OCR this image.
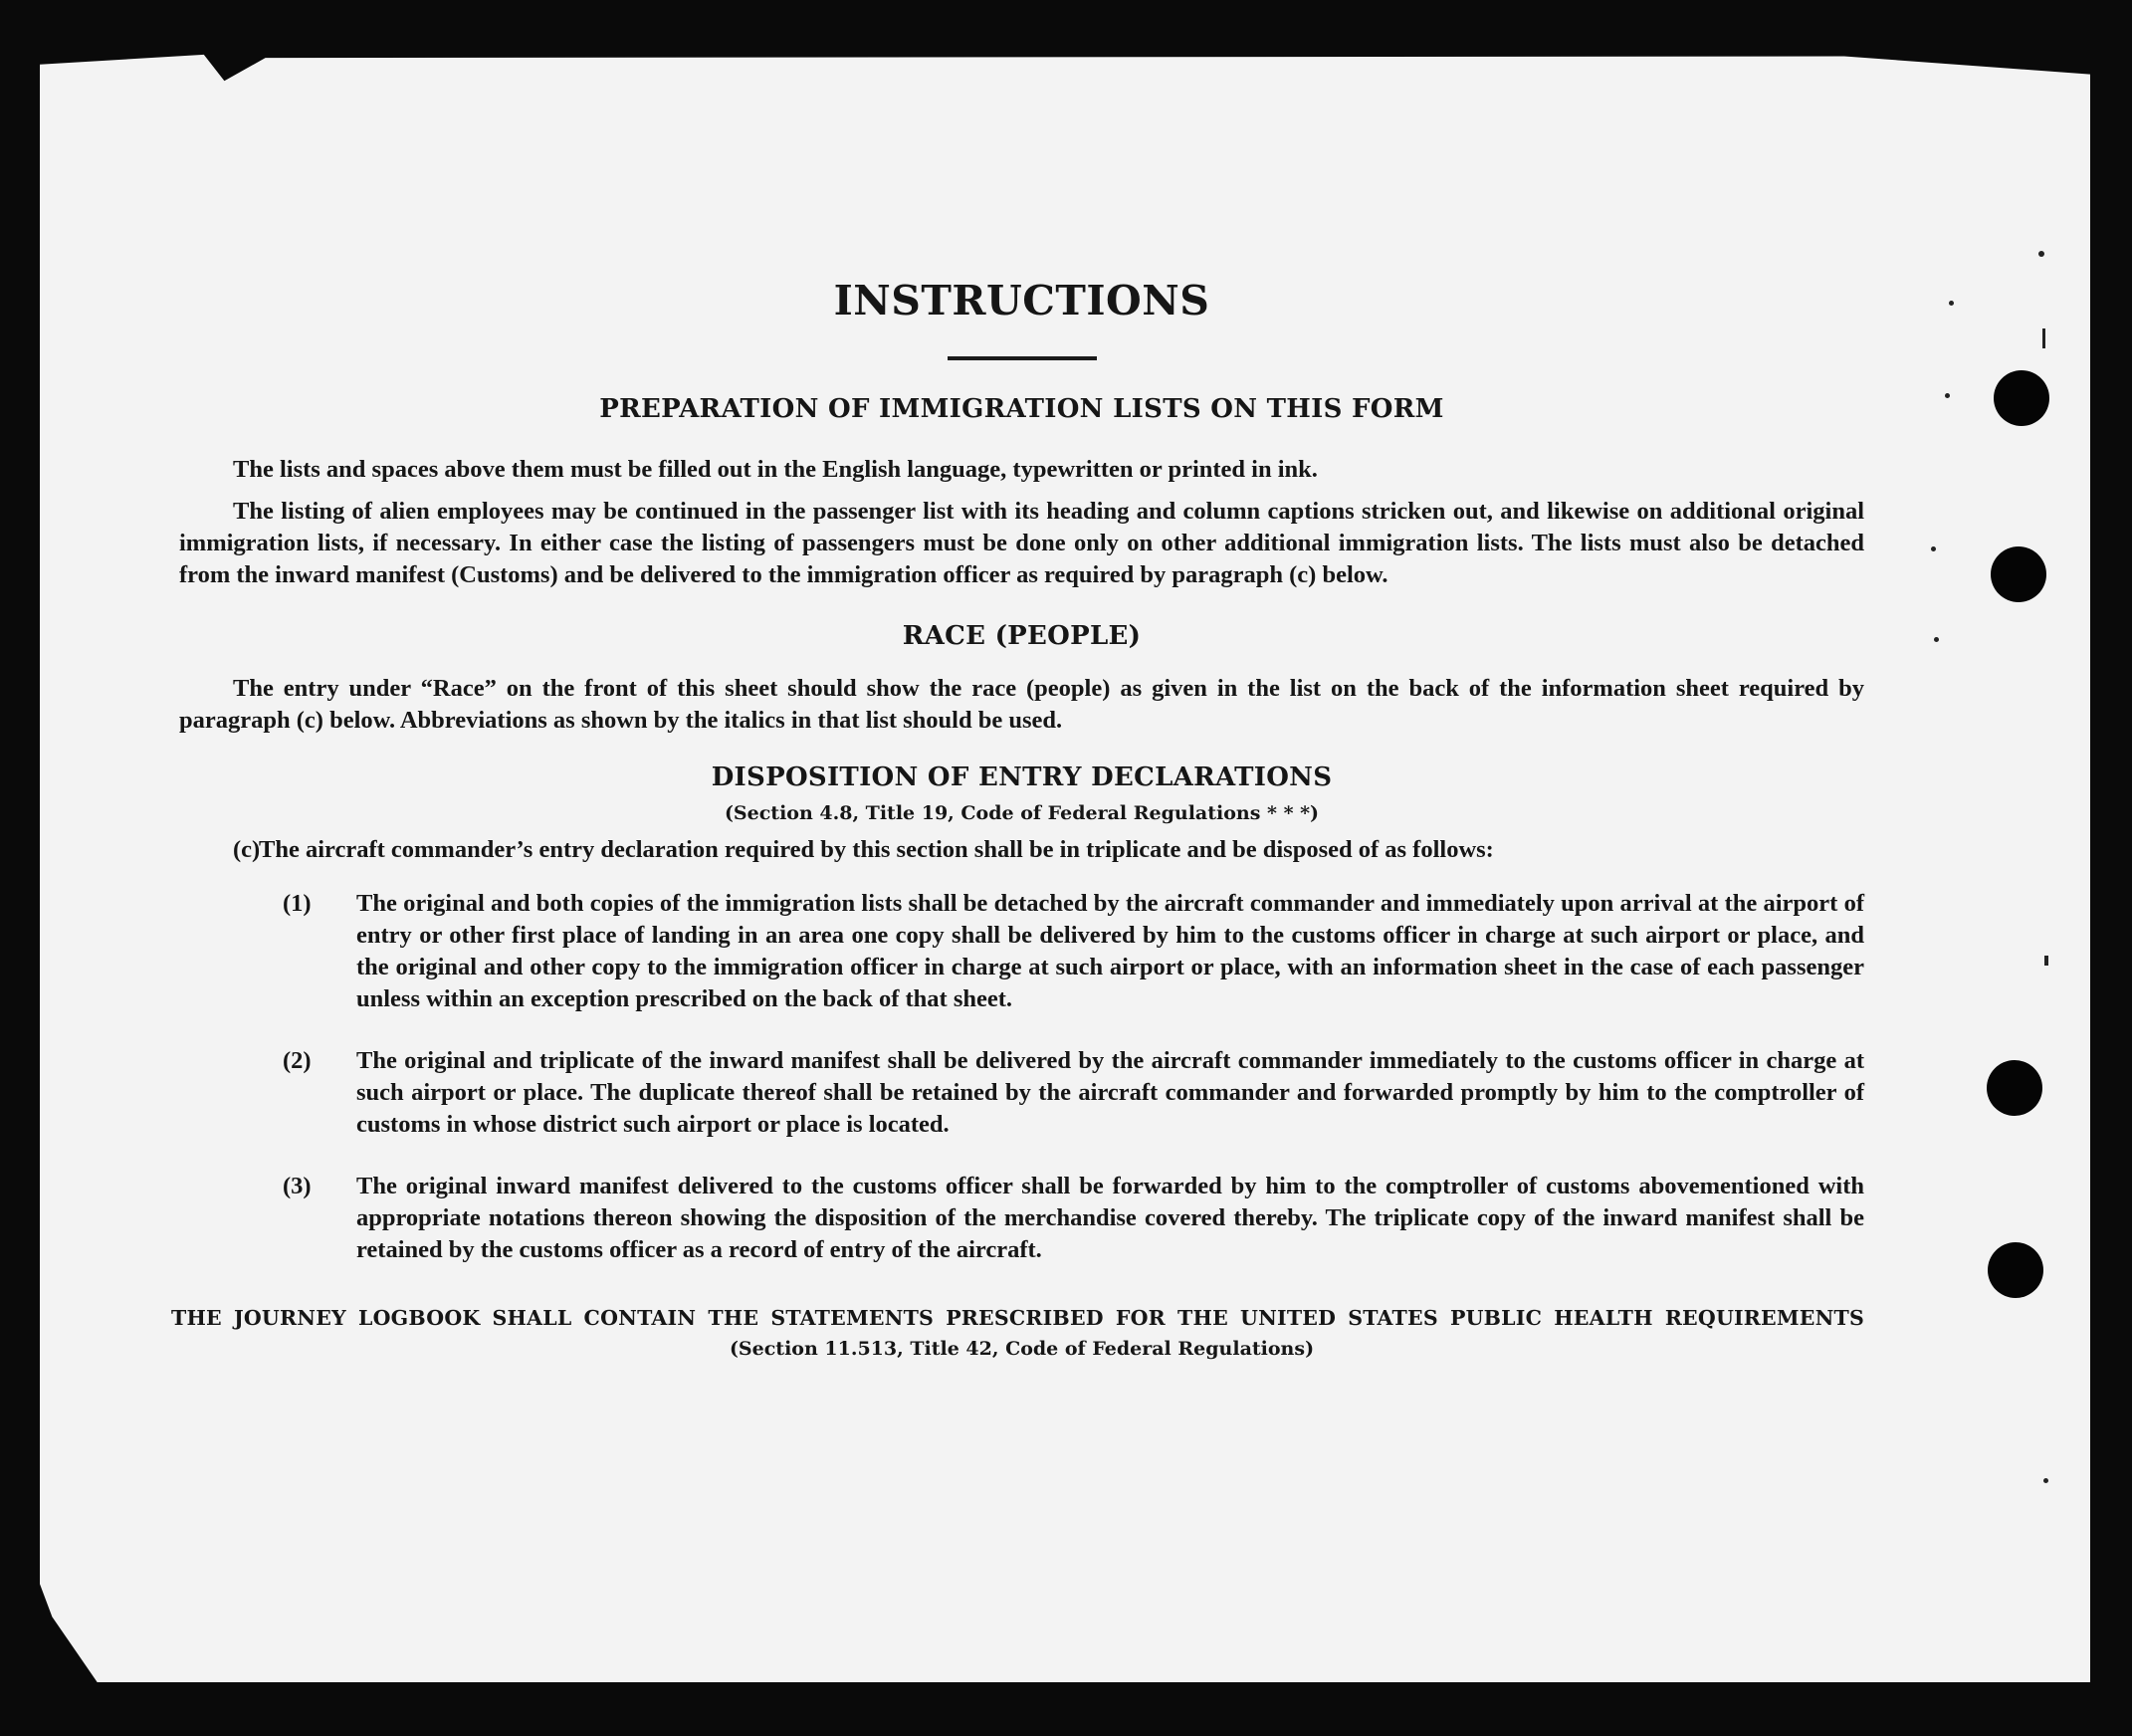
INSTRUCTIONS
PREPARATION OF IMMIGRATION LISTS ON THIS FORM

The lists and spaces above them must be filled out in the English language, typewritten or printed in ink.

The listing of alien employees may be continued in the passenger list with its heading and column captions stricken out, and likewise on additional original immigration lists, if necessary. In either case the listing of passengers must be done only on other additional immigration lists. The lists must also be detached from the inward manifest (Customs) and be delivered to the immigration officer as required by paragraph (c) below.

RACE (PEOPLE)

The entry under “Race” on the front of this sheet should show the race (people) as given in the list on the back of the information sheet required by paragraph (c) below. Abbreviations as shown by the italics in that list should be used.

DISPOSITION OF ENTRY DECLARATIONS
(Section 4.8, Title 19, Code of Federal Regulations * * *)
(c)
The aircraft commander’s entry declaration required by this section shall be in triplicate and be disposed of as follows:
(1) The original and both copies of the immigration lists shall be detached by the aircraft commander and immediately upon arrival at the airport of entry or other first place of landing in an area one copy shall be delivered by him to the customs officer in charge at such airport or place, and the original and other copy to the immigration officer in charge at such airport or place, with an information sheet in the case of each passenger unless within an exception prescribed on the back of that sheet.
(2) The original and triplicate of the inward manifest shall be delivered by the aircraft commander immediately to the customs officer in charge at such airport or place. The duplicate thereof shall be retained by the aircraft commander and forwarded promptly by him to the comptroller of customs in whose district such airport or place is located.
(3) The original inward manifest delivered to the customs officer shall be forwarded by him to the comptroller of customs abovementioned with appropriate notations thereon showing the disposition of the merchandise covered thereby. The triplicate copy of the inward manifest shall be retained by the customs officer as a record of entry of the aircraft.
THE JOURNEY LOGBOOK SHALL CONTAIN THE STATEMENTS PRESCRIBED FOR THE UNITED STATES PUBLIC HEALTH REQUIREMENTS
(Section 11.513, Title 42, Code of Federal Regulations)
